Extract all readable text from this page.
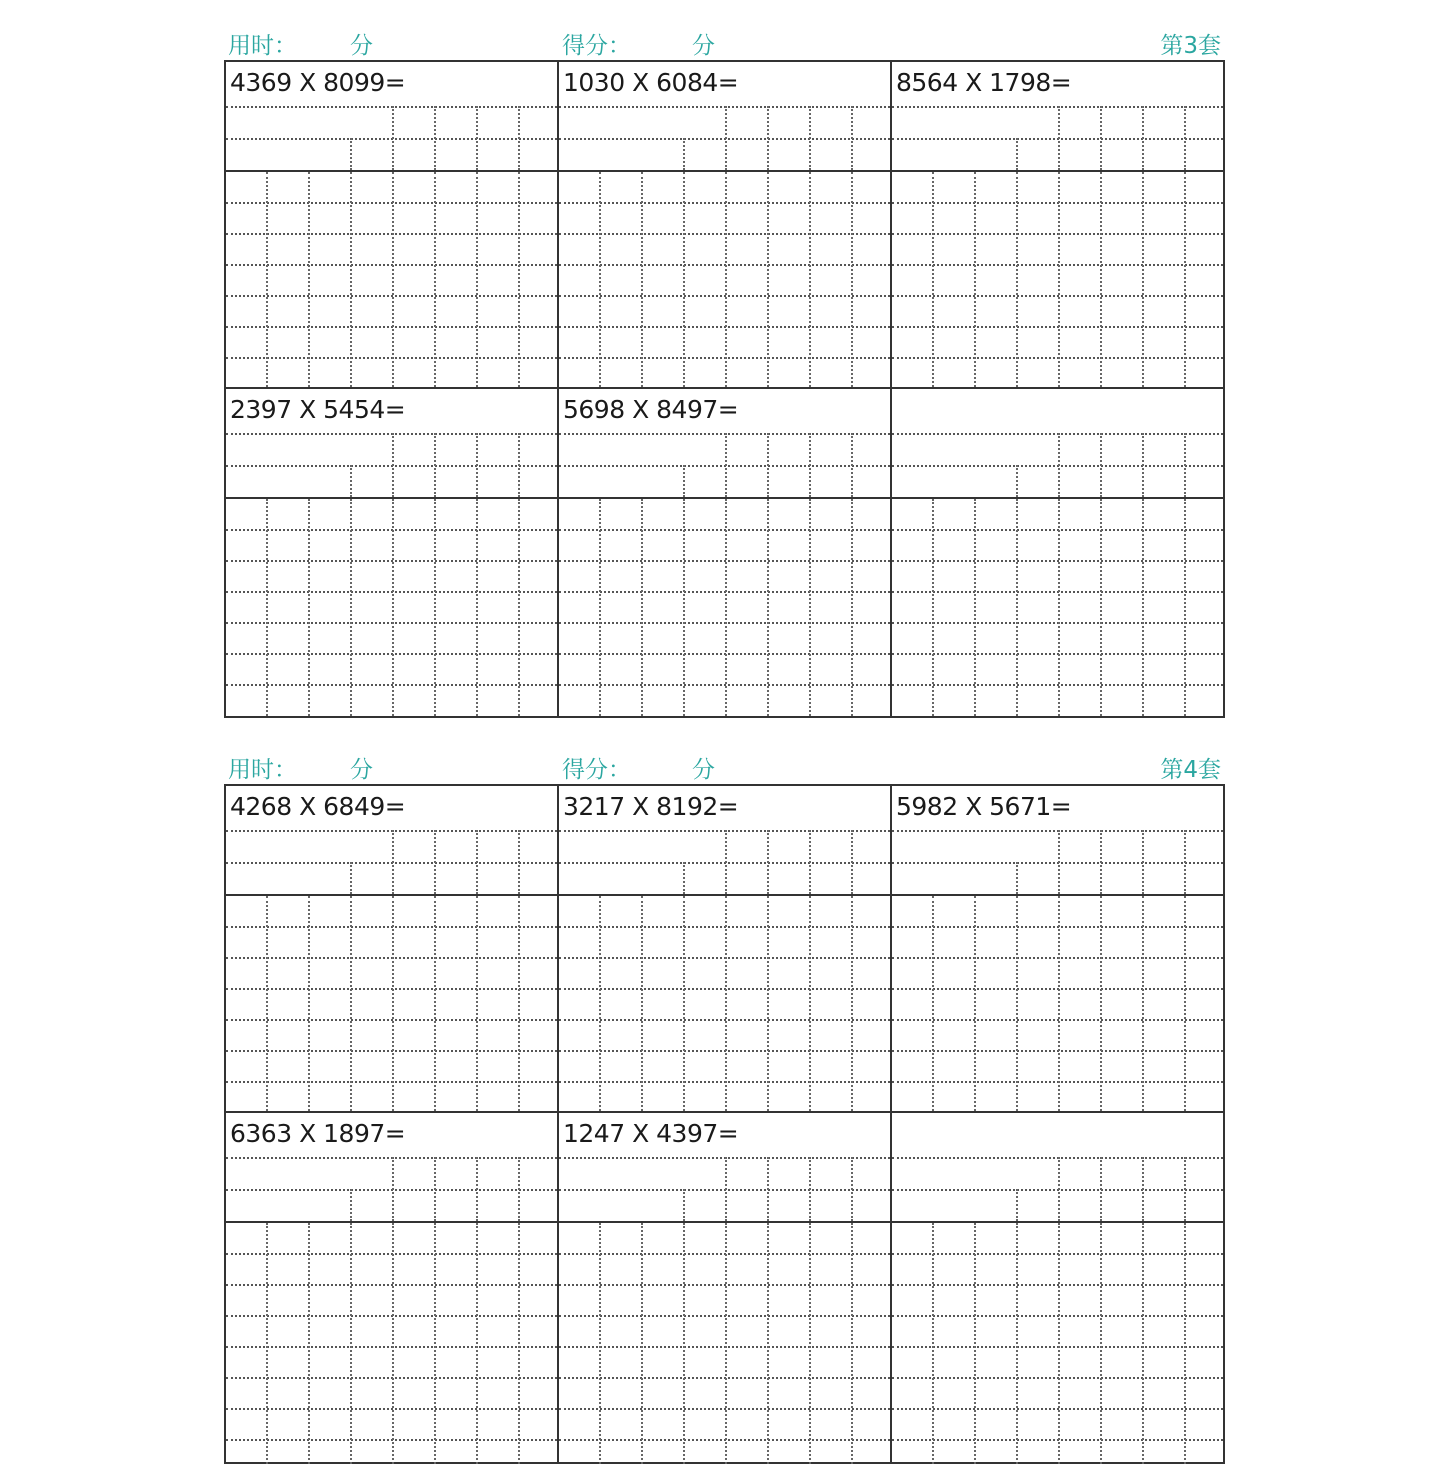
用时： 分	得分：	分	第3套
4369 X 8099=	1030 X 6084=	8564 X 1798=
2397 X 5454=	5698 X 8497=
用时： 分	得分：	分	第4套
4268 X 6849=	3217 X 8192=	5982 X 5671=
6363 X 1897=	1247 X 4397=
